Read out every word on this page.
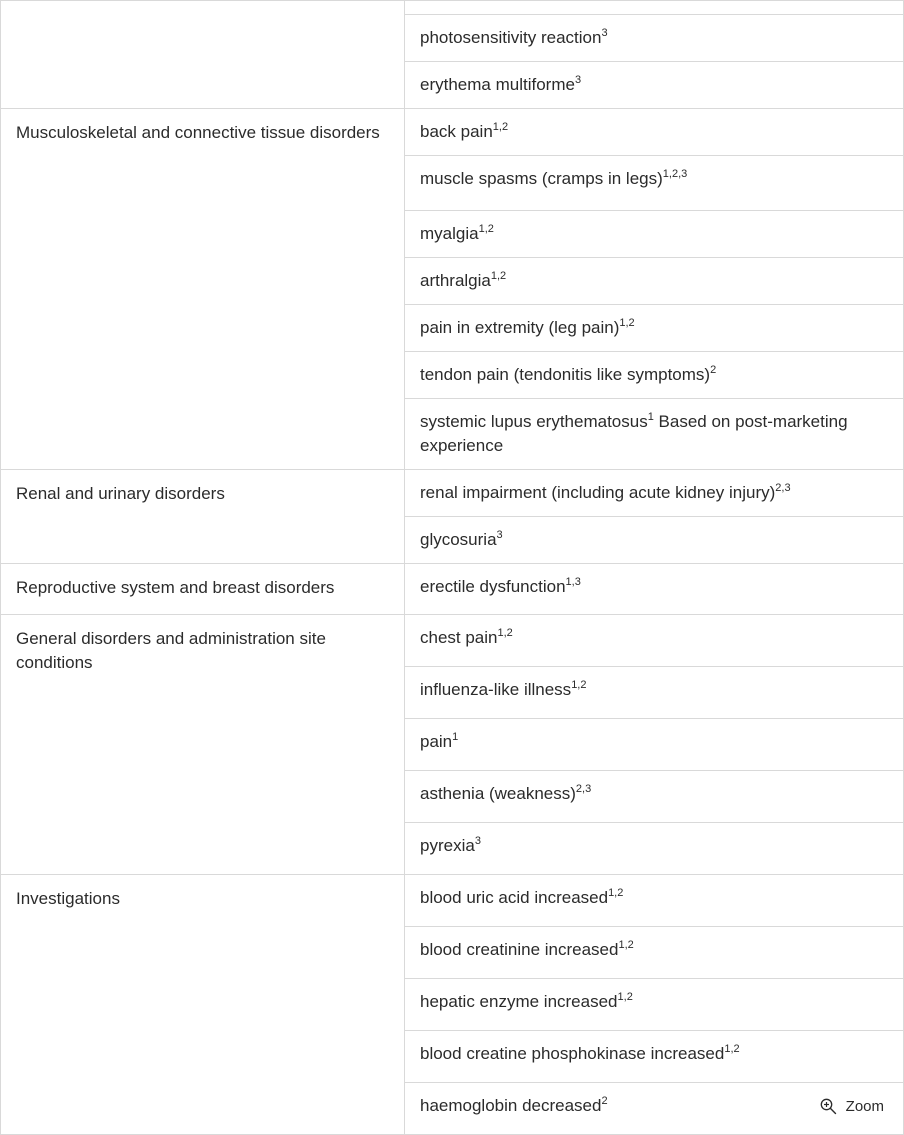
	photosensitivity reaction$^3$
	erythema multiforme$^3$
Musculoskeletal and connective tissue disorders	back pain$^{1,2}$
	muscle spasms (cramps in legs)$^{1,2,3}$
	myalgia$^{1,2}$
	arthralgia$^{1,2}$
	pain in extremity (leg pain)$^{1,2}$
	tendon pain (tendonitis like symptoms)$^2$
	systemic lupus erythematosus$^1$ Based on post-marketing experience
Renal and urinary disorders	renal impairment (including acute kidney injury)$^{2,3}$
	glycosuria$^3$
Reproductive system and breast disorders	erectile dysfunction$^{1,3}$
General disorders and administration site conditions	chest pain$^{1,2}$
	influenza-like illness$^{1,2}$
	pain$^1$
	asthenia (weakness)$^{2,3}$
	pyrexia$^3$
Investigations	blood uric acid increased$^{1,2}$
	blood creatinine increased$^{1,2}$
	hepatic enzyme increased$^{1,2}$
	blood creatine phosphokinase increased$^{1,2}$
	haemoglobin decreased$^2$	Zoom
